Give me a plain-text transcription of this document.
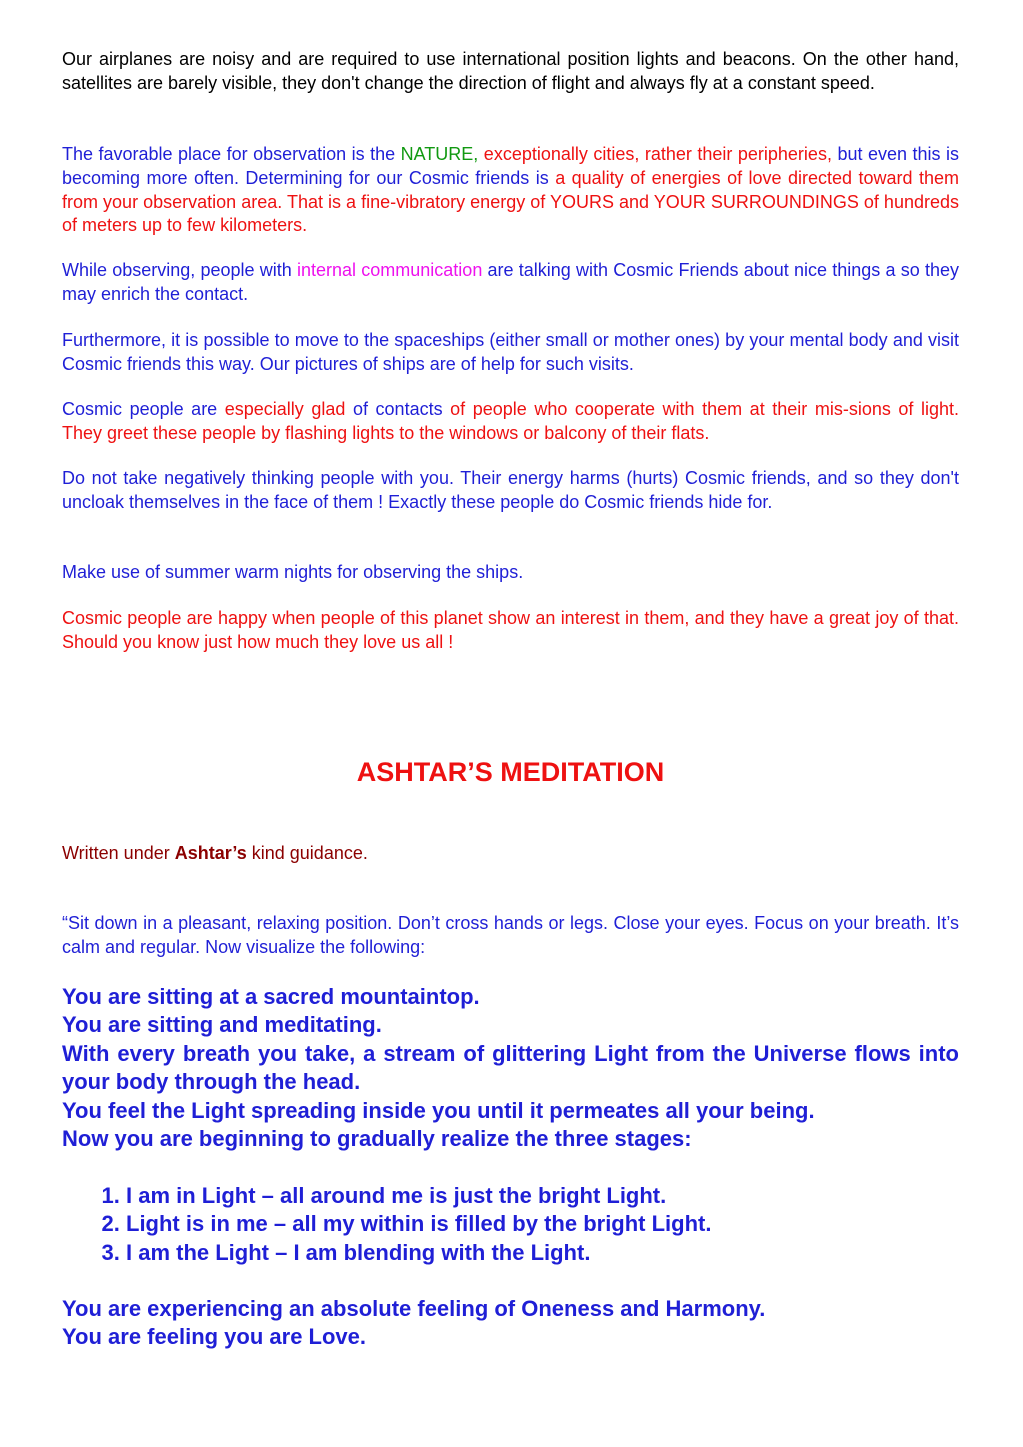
Our airplanes are noisy and are required to use international position lights and beacons. On the other hand, satellites are barely visible, they don't change the direction of flight and always fly at a constant speed.

The favorable place for observation is the NATURE, exceptionally cities, rather their peripheries, but even this is becoming more often. Determining for our Cosmic friends is a quality of energies of love directed toward them from your observation area. That is a fine-vibratory energy of YOURS and YOUR SURROUNDINGS of hundreds of meters up to few kilometers.

While observing, people with internal communication are talking with Cosmic Friends about nice things a so they may enrich the contact.

Furthermore, it is possible to move to the spaceships (either small or mother ones) by your mental body and visit Cosmic friends this way. Our pictures of ships are of help for such visits.

Cosmic people are especially glad of contacts of people who cooperate with them at their mis-sions of light. They greet these people by flashing lights to the windows or balcony of their flats.

Do not take negatively thinking people with you. Their energy harms (hurts) Cosmic friends, and so they don't uncloak themselves in the face of them ! Exactly these people do Cosmic friends hide for.

Make use of summer warm nights for observing the ships.

Cosmic people are happy when people of this planet show an interest in them, and they have a great joy of that. Should you know just how much they love us all !

ASHTAR’S MEDITATION

Written under Ashtar’s kind guidance.

“Sit down in a pleasant, relaxing position. Don’t cross hands or legs. Close your eyes. Focus on your breath. It’s calm and regular. Now visualize the following:

You are sitting at a sacred mountaintop.

You are sitting and meditating.

With every breath you take, a stream of glittering Light from the Universe flows into your body through the head.

You feel the Light spreading inside you until it permeates all your being.

Now you are beginning to gradually realize the three stages:

1. I am in Light – all around me is just the bright Light.
2. Light is in me – all my within is filled by the bright Light.
3. I am the Light – I am blending with the Light.

You are experiencing an absolute feeling of Oneness and Harmony.

You are feeling you are Love.
